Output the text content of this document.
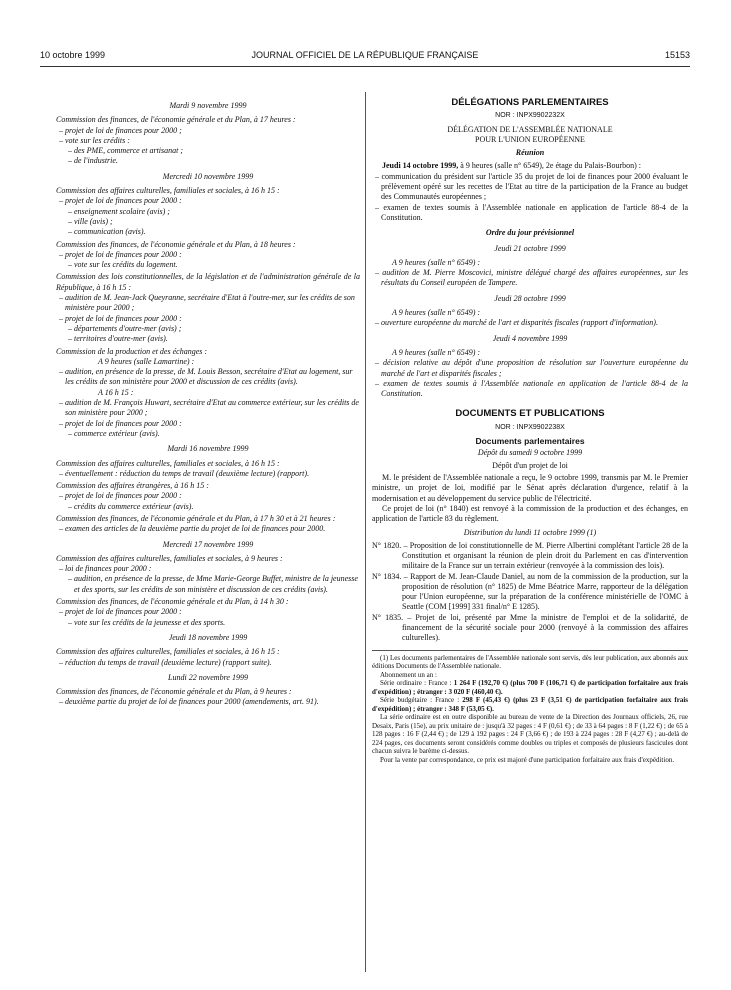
10 octobre 1999	JOURNAL OFFICIEL DE LA RÉPUBLIQUE FRANÇAISE	15153

Mardi 9 novembre 1999

Commission des finances, de l'économie générale et du Plan, à 17 heures :

– projet de loi de finances pour 2000 ;

– vote sur les crédits :

– des PME, commerce et artisanat ;

– de l'industrie.

Mercredi 10 novembre 1999

Commission des affaires culturelles, familiales et sociales, à 16 h 15 :

– projet de loi de finances pour 2000 :

– enseignement scolaire (avis) ;

– ville (avis) ;

– communication (avis).

Commission des finances, de l'économie générale et du Plan, à 18 heures :

– projet de loi de finances pour 2000 :

– vote sur les crédits du logement.

Commission des lois constitutionnelles, de la législation et de l'administration générale de la République, à 16 h 15 :

– audition de M. Jean-Jack Queyranne, secrétaire d'Etat à l'outre-mer, sur les crédits de son ministère pour 2000 ;

– projet de loi de finances pour 2000 :

– départements d'outre-mer (avis) ;

– territoires d'outre-mer (avis).

Commission de la production et des échanges :

A 9 heures (salle Lamartine) :

– audition, en présence de la presse, de M. Louis Besson, secrétaire d'Etat au logement, sur les crédits de son ministère pour 2000 et discussion de ces crédits (avis).

A 16 h 15 :

– audition de M. François Huwart, secrétaire d'Etat au commerce extérieur, sur les crédits de son ministère pour 2000 ;

– projet de loi de finances pour 2000 :

– commerce extérieur (avis).

Mardi 16 novembre 1999

Commission des affaires culturelles, familiales et sociales, à 16 h 15 :

– éventuellement : réduction du temps de travail (deuxième lecture) (rapport).

Commission des affaires étrangères, à 16 h 15 :

– projet de loi de finances pour 2000 :

– crédits du commerce extérieur (avis).

Commission des finances, de l'économie générale et du Plan, à 17 h 30 et à 21 heures :

– examen des articles de la deuxième partie du projet de loi de finances pour 2000.

Mercredi 17 novembre 1999

Commission des affaires culturelles, familiales et sociales, à 9 heures :

– loi de finances pour 2000 :

– audition, en présence de la presse, de Mme Marie-George Buffet, ministre de la jeunesse et des sports, sur les crédits de son ministère et discussion de ces crédits (avis).

Commission des finances, de l'économie générale et du Plan, à 14 h 30 :

– projet de loi de finances pour 2000 :

– vote sur les crédits de la jeunesse et des sports.

Jeudi 18 novembre 1999

Commission des affaires culturelles, familiales et sociales, à 16 h 15 :

– réduction du temps de travail (deuxième lecture) (rapport suite).

Lundi 22 novembre 1999

Commission des finances, de l'économie générale et du Plan, à 9 heures :

– deuxième partie du projet de loi de finances pour 2000 (amendements, art. 91).

DÉLÉGATIONS PARLEMENTAIRES

NOR : INPX9902232X

DÉLÉGATION DE L'ASSEMBLÉE NATIONALE

POUR L'UNION EUROPÉENNE

Réunion

Jeudi 14 octobre 1999, à 9 heures (salle n° 6549), 2e étage du Palais-Bourbon) :

– communication du président sur l'article 35 du projet de loi de finances pour 2000 évaluant le prélèvement opéré sur les recettes de l'Etat au titre de la participation de la France au budget des Communautés européennes ;

– examen de textes soumis à l'Assemblée nationale en application de l'article 88-4 de la Constitution.

Ordre du jour prévisionnel

Jeudi 21 octobre 1999

A 9 heures (salle n° 6549) :

– audition de M. Pierre Moscovici, ministre délégué chargé des affaires européennes, sur les résultats du Conseil européen de Tampere.

Jeudi 28 octobre 1999

A 9 heures (salle n° 6549) :

– ouverture européenne du marché de l'art et disparités fiscales (rapport d'information).

Jeudi 4 novembre 1999

A 9 heures (salle n° 6549) :

– décision relative au dépôt d'une proposition de résolution sur l'ouverture européenne du marché de l'art et disparités fiscales ;

– examen de textes soumis à l'Assemblée nationale en application de l'article 88-4 de la Constitution.

DOCUMENTS ET PUBLICATIONS

NOR : INPX9902238X

Documents parlementaires

Dépôt du samedi 9 octobre 1999

Dépôt d'un projet de loi

M. le président de l'Assemblée nationale a reçu, le 9 octobre 1999, transmis par M. le Premier ministre, un projet de loi, modifié par le Sénat après déclaration d'urgence, relatif à la modernisation et au développement du service public de l'électricité.

Ce projet de loi (n° 1840) est renvoyé à la commission de la production et des échanges, en application de l'article 83 du règlement.

Distribution du lundi 11 octobre 1999 (1)

N° 1820. – Proposition de loi constitutionnelle de M. Pierre Albertini complétant l'article 28 de la Constitution et organisant la réunion de plein droit du Parlement en cas d'intervention militaire de la France sur un terrain extérieur (renvoyée à la commission des lois).

N° 1834. – Rapport de M. Jean-Claude Daniel, au nom de la commission de la production, sur la proposition de résolution (n° 1825) de Mme Béatrice Marre, rapporteur de la délégation pour l'Union européenne, sur la préparation de la conférence ministérielle de l'OMC à Seattle (COM [1999] 331 final/n° E 1285).

N° 1835. – Projet de loi, présenté par Mme la ministre de l'emploi et de la solidarité, de financement de la sécurité sociale pour 2000 (renvoyé à la commission des affaires culturelles).

(1) Les documents parlementaires de l'Assemblée nationale sont servis, dès leur publication, aux abonnés aux éditions Documents de l'Assemblée nationale.

Abonnement un an :

Série ordinaire : France : 1 264 F (192,70 €) (plus 700 F (106,71 €) de participation forfaitaire aux frais d'expédition) ; étranger : 3 020 F (460,40 €).

Série budgétaire : France : 298 F (45,43 €) (plus 23 F (3,51 €) de participation forfaitaire aux frais d'expédition) ; étranger : 348 F (53,05 €).

La série ordinaire est en outre disponible au bureau de vente de la Direction des Journaux officiels, 26, rue Desaix, Paris (15e), au prix unitaire de : jusqu'à 32 pages : 4 F (0,61 €) ; de 33 à 64 pages : 8 F (1,22 €) ; de 65 à 128 pages : 16 F (2,44 €) ; de 129 à 192 pages : 24 F (3,66 €) ; de 193 à 224 pages : 28 F (4,27 €) ; au-delà de 224 pages, ces documents seront considérés comme doubles ou triples et composés de plusieurs fascicules dont chacun suivra le barème ci-dessus.

Pour la vente par correspondance, ce prix est majoré d'une participation forfaitaire aux frais d'expédition.
